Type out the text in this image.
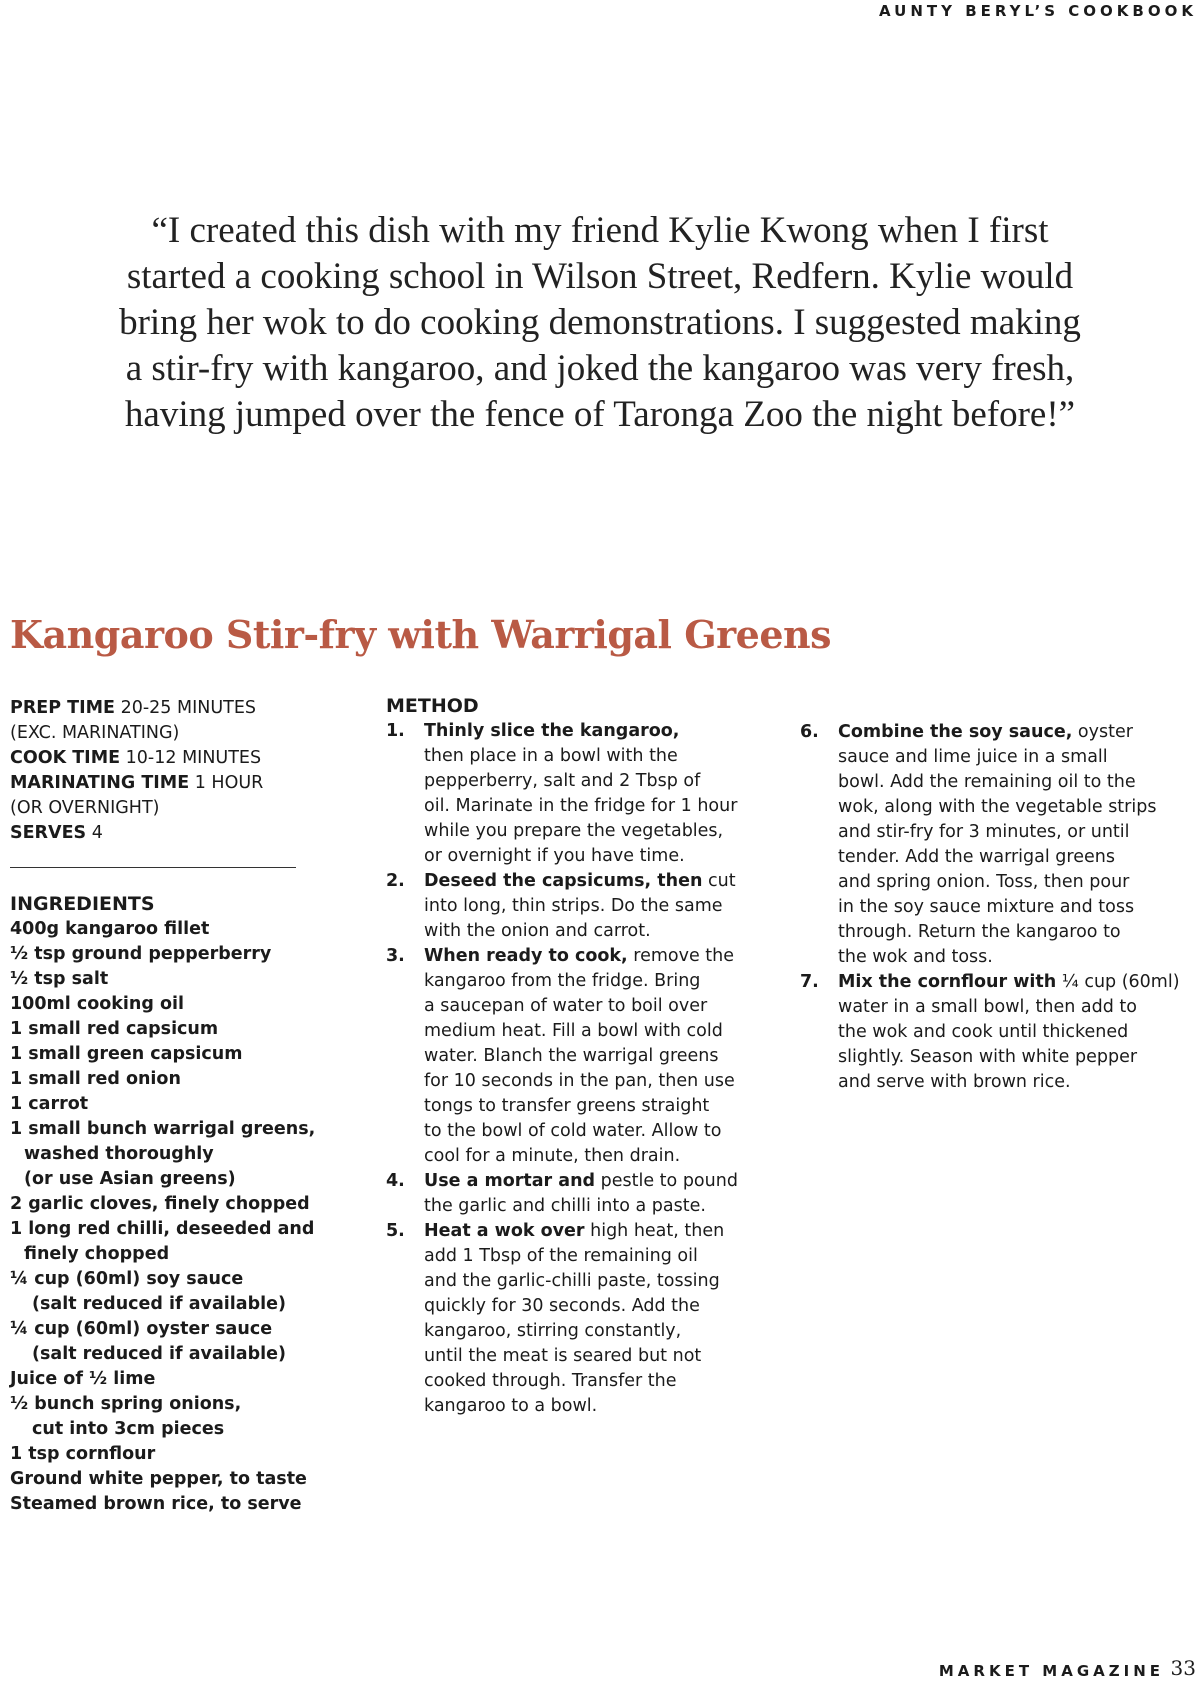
AUNTY BERYL’S COOKBOOK
“I created this dish with my friend Kylie Kwong when I first
started a cooking school in Wilson Street, Redfern. Kylie would
bring her wok to do cooking demonstrations. I suggested making
a stir-fry with kangaroo, and joked the kangaroo was very fresh,
having jumped over the fence of Taronga Zoo the night before!”
Kangaroo Stir-fry with Warrigal Greens
PREP TIME 20-25 MINUTES
(EXC. MARINATING)
COOK TIME 10-12 MINUTES
MARINATING TIME 1 HOUR
(OR OVERNIGHT)
SERVES 4
INGREDIENTS
400g kangaroo fillet
½ tsp ground pepperberry
½ tsp salt
100ml cooking oil
1 small red capsicum
1 small green capsicum
1 small red onion
1 carrot
1 small bunch warrigal greens,
washed thoroughly
(or use Asian greens)
2 garlic cloves, finely chopped
1 long red chilli, deseeded and
finely chopped
¼ cup (60ml) soy sauce
(salt reduced if available)
¼ cup (60ml) oyster sauce
(salt reduced if available)
Juice of ½ lime
½ bunch spring onions,
cut into 3cm pieces
1 tsp cornflour
Ground white pepper, to taste
Steamed brown rice, to serve
METHOD
1.	Thinly slice the kangaroo,
then place in a bowl with the
pepperberry, salt and 2 Tbsp of
oil. Marinate in the fridge for 1 hour
while you prepare the vegetables,
or overnight if you have time.
2.	Deseed the capsicums, then cut
into long, thin strips. Do the same
with the onion and carrot.
3.	When ready to cook, remove the
kangaroo from the fridge. Bring
a saucepan of water to boil over
medium heat. Fill a bowl with cold
water. Blanch the warrigal greens
for 10 seconds in the pan, then use
tongs to transfer greens straight
to the bowl of cold water. Allow to
cool for a minute, then drain.
4.	Use a mortar and pestle to pound
the garlic and chilli into a paste.
5.	Heat a wok over high heat, then
add 1 Tbsp of the remaining oil
and the garlic-chilli paste, tossing
quickly for 30 seconds. Add the
kangaroo, stirring constantly,
until the meat is seared but not
cooked through. Transfer the
kangaroo to a bowl.
6.	Combine the soy sauce, oyster
sauce and lime juice in a small
bowl. Add the remaining oil to the
wok, along with the vegetable strips
and stir-fry for 3 minutes, or until
tender. Add the warrigal greens
and spring onion. Toss, then pour
in the soy sauce mixture and toss
through. Return the kangaroo to
the wok and toss.
7.	Mix the cornflour with ¼ cup (60ml)
water in a small bowl, then add to
the wok and cook until thickened
slightly. Season with white pepper
and serve with brown rice.
MARKET MAGAZINE 33
